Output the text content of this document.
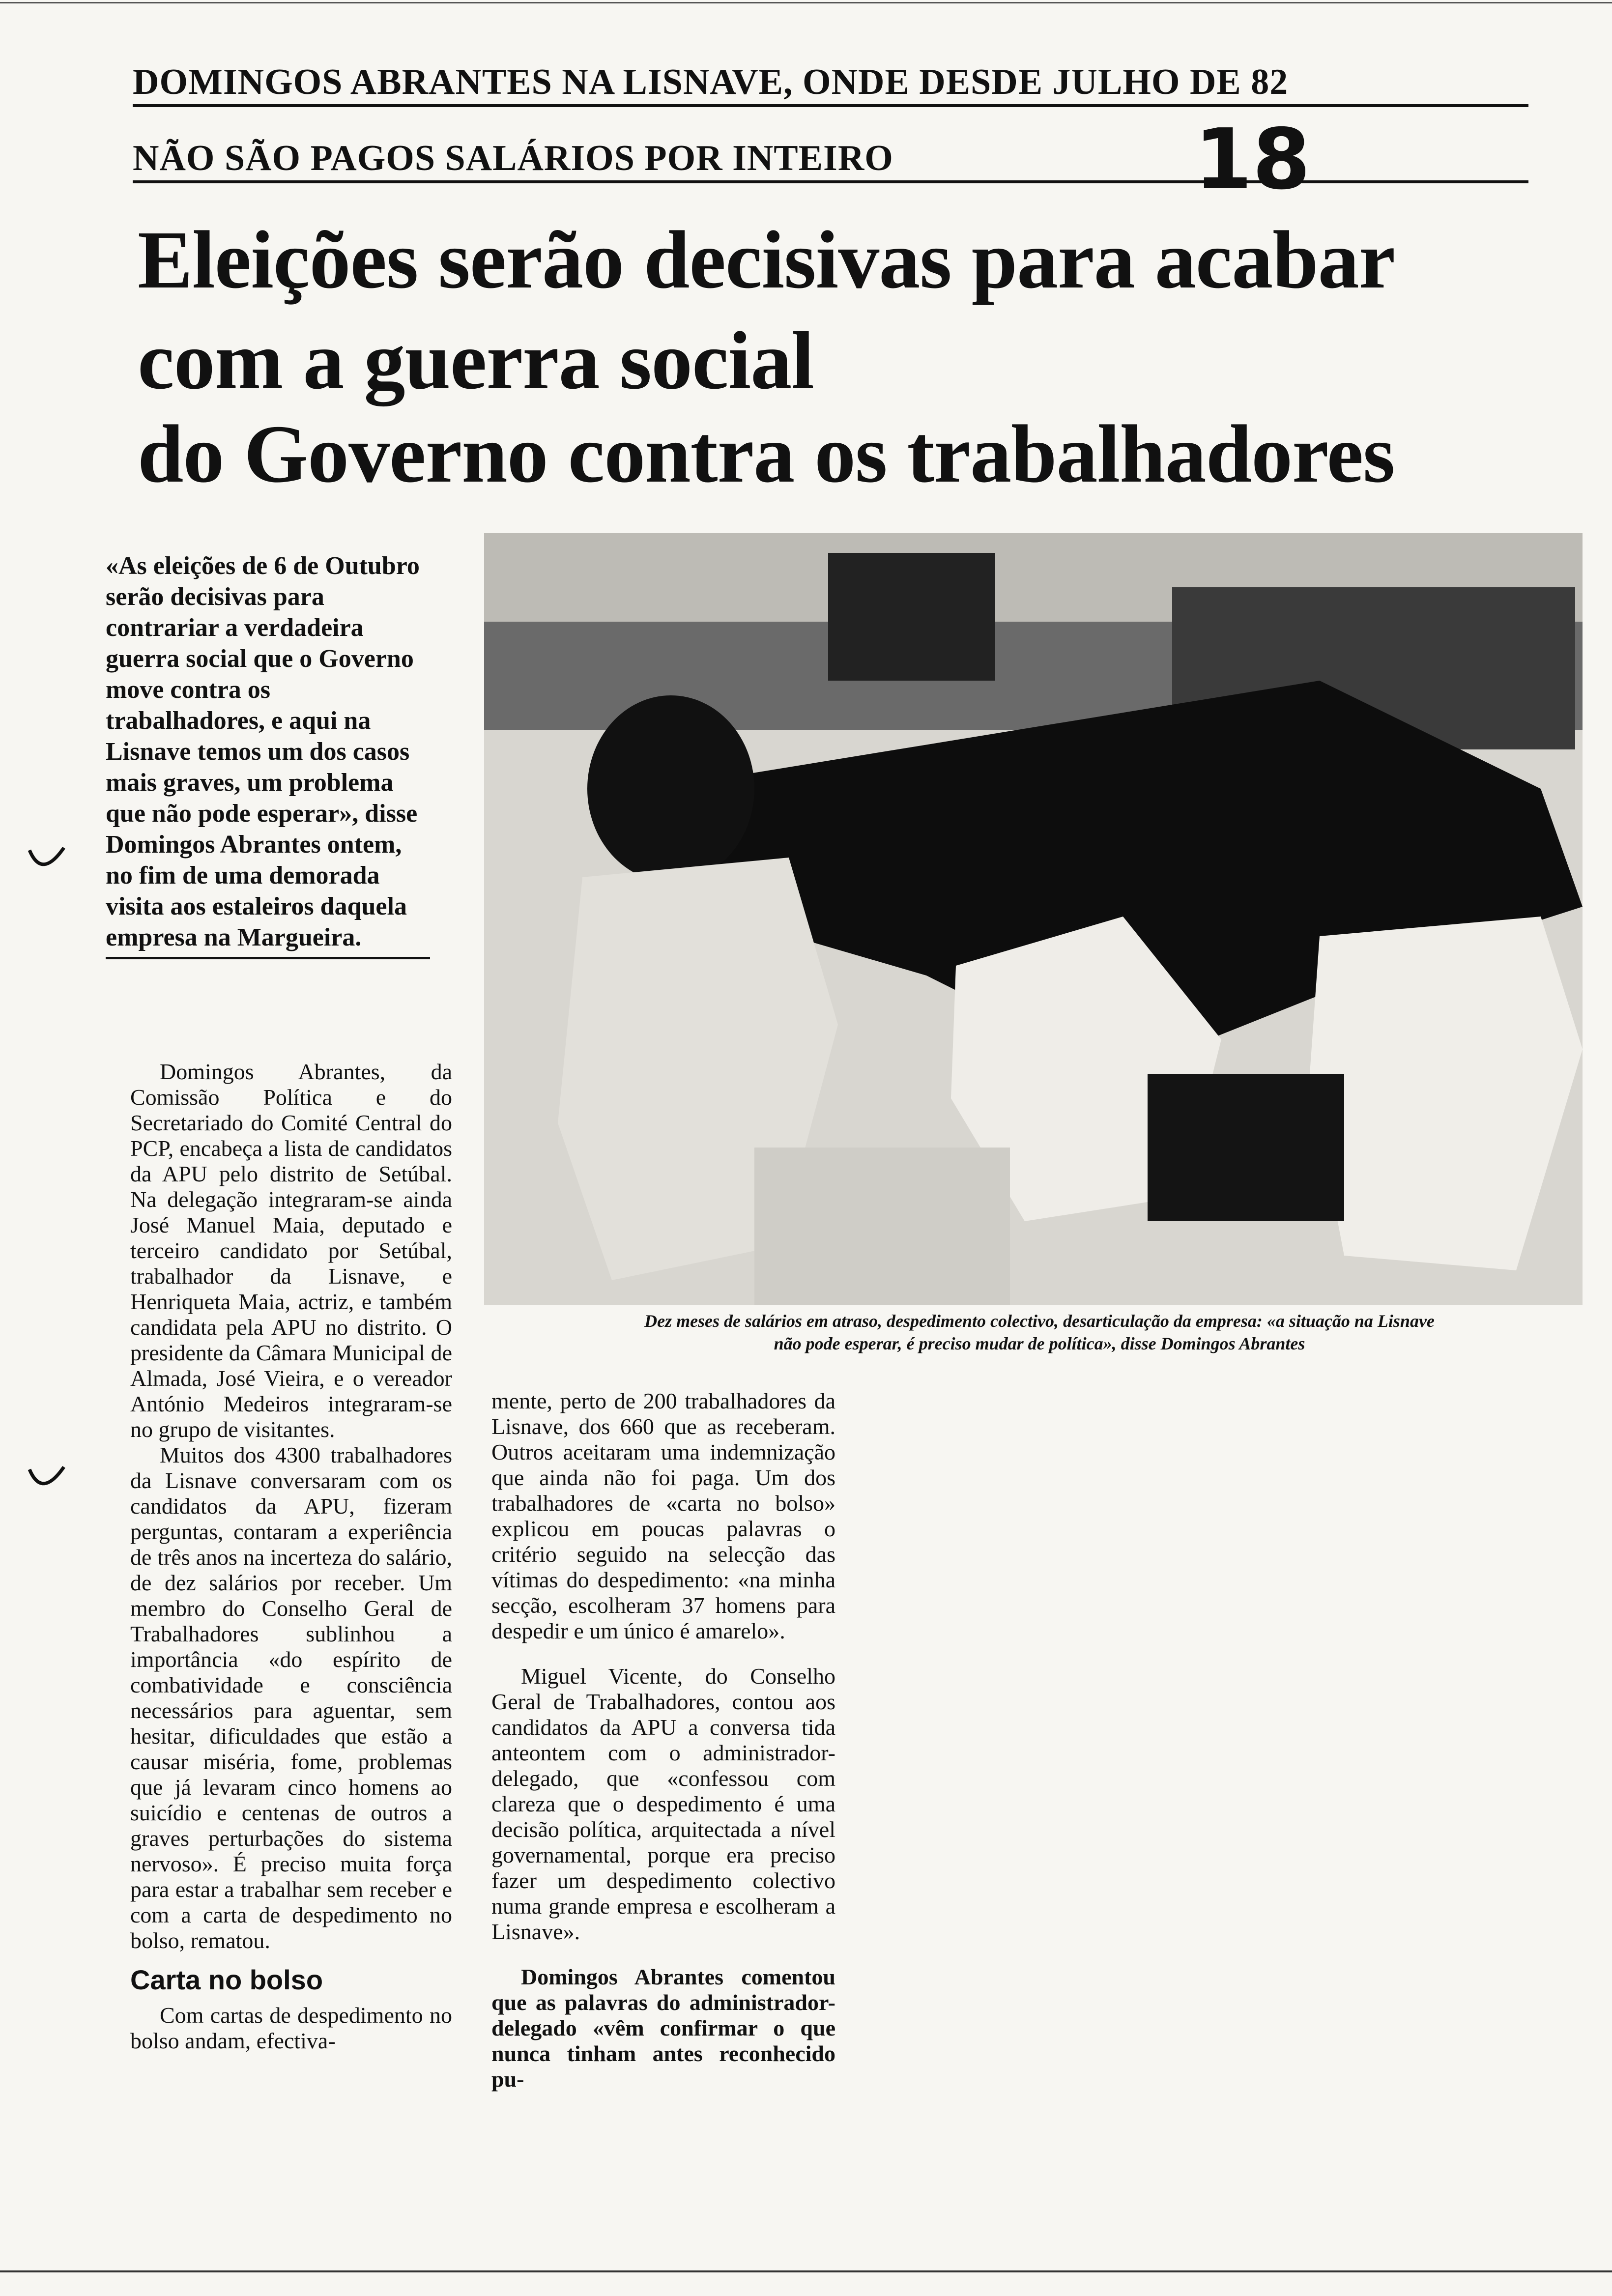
DOMINGOS ABRANTES NA LISNAVE, ONDE DESDE JULHO DE 82
NÃO SÃO PAGOS SALÁRIOS POR INTEIRO	18
Eleições serão decisivas para acabar
com a guerra social
do Governo contra os trabalhadores
«As eleições de 6 de Outubro serão decisivas para contrariar a verdadeira guerra social que o Governo move contra os trabalhadores, e aqui na Lisnave temos um dos casos mais graves, um problema que não pode esperar», disse Domingos Abrantes ontem, no fim de uma demorada visita aos estaleiros daquela empresa na Margueira.
Dez meses de salários em atraso, despedimento colectivo, desarticulação da empresa: «a situação na Lisnave
não pode esperar, é preciso mudar de política», disse Domingos Abrantes

Domingos Abrantes, da Comissão Política e do Secretariado do Comité Central do PCP, encabeça a lista de candidatos da APU pelo distrito de Setúbal. Na delegação integraram-se ainda José Manuel Maia, deputado e terceiro candidato por Setúbal, trabalhador da Lisnave, e Henriqueta Maia, actriz, e também candidata pela APU no distrito. O presidente da Câmara Municipal de Almada, José Vieira, e o vereador António Medeiros integraram-se no grupo de visitantes.

Muitos dos 4300 trabalhadores da Lisnave conversaram com os candidatos da APU, fizeram perguntas, contaram a experiência de três anos na incerteza do salário, de dez salários por receber. Um membro do Conselho Geral de Trabalhadores sublinhou a importância «do espírito de combatividade e consciência necessários para aguentar, sem hesitar, dificuldades que estão a causar miséria, fome, problemas que já levaram cinco homens ao suicídio e centenas de outros a graves perturbações do sistema nervoso». É preciso muita força para estar a trabalhar sem receber e com a carta de despedimento no bolso, rematou.

Carta no bolso

Com cartas de despedimento no bolso andam, efectiva-

mente, perto de 200 trabalhadores da Lisnave, dos 660 que as receberam. Outros aceitaram uma indemnização que ainda não foi paga. Um dos trabalhadores de «carta no bolso» explicou em poucas palavras o critério seguido na selecção das vítimas do despedimento: «na minha secção, escolheram 37 homens para despedir e um único é amarelo».

Miguel Vicente, do Conselho Geral de Trabalhadores, contou aos candidatos da APU a conversa tida anteontem com o administrador-delegado, que «confessou com clareza que o despedimento é uma decisão política, arquitectada a nível governamental, porque era preciso fazer um despedimento colectivo numa grande empresa e escolheram a Lisnave».

Domingos Abrantes comentou que as palavras do administrador-delegado «vêm confirmar o que nunca tinham antes reconhecido pu-
